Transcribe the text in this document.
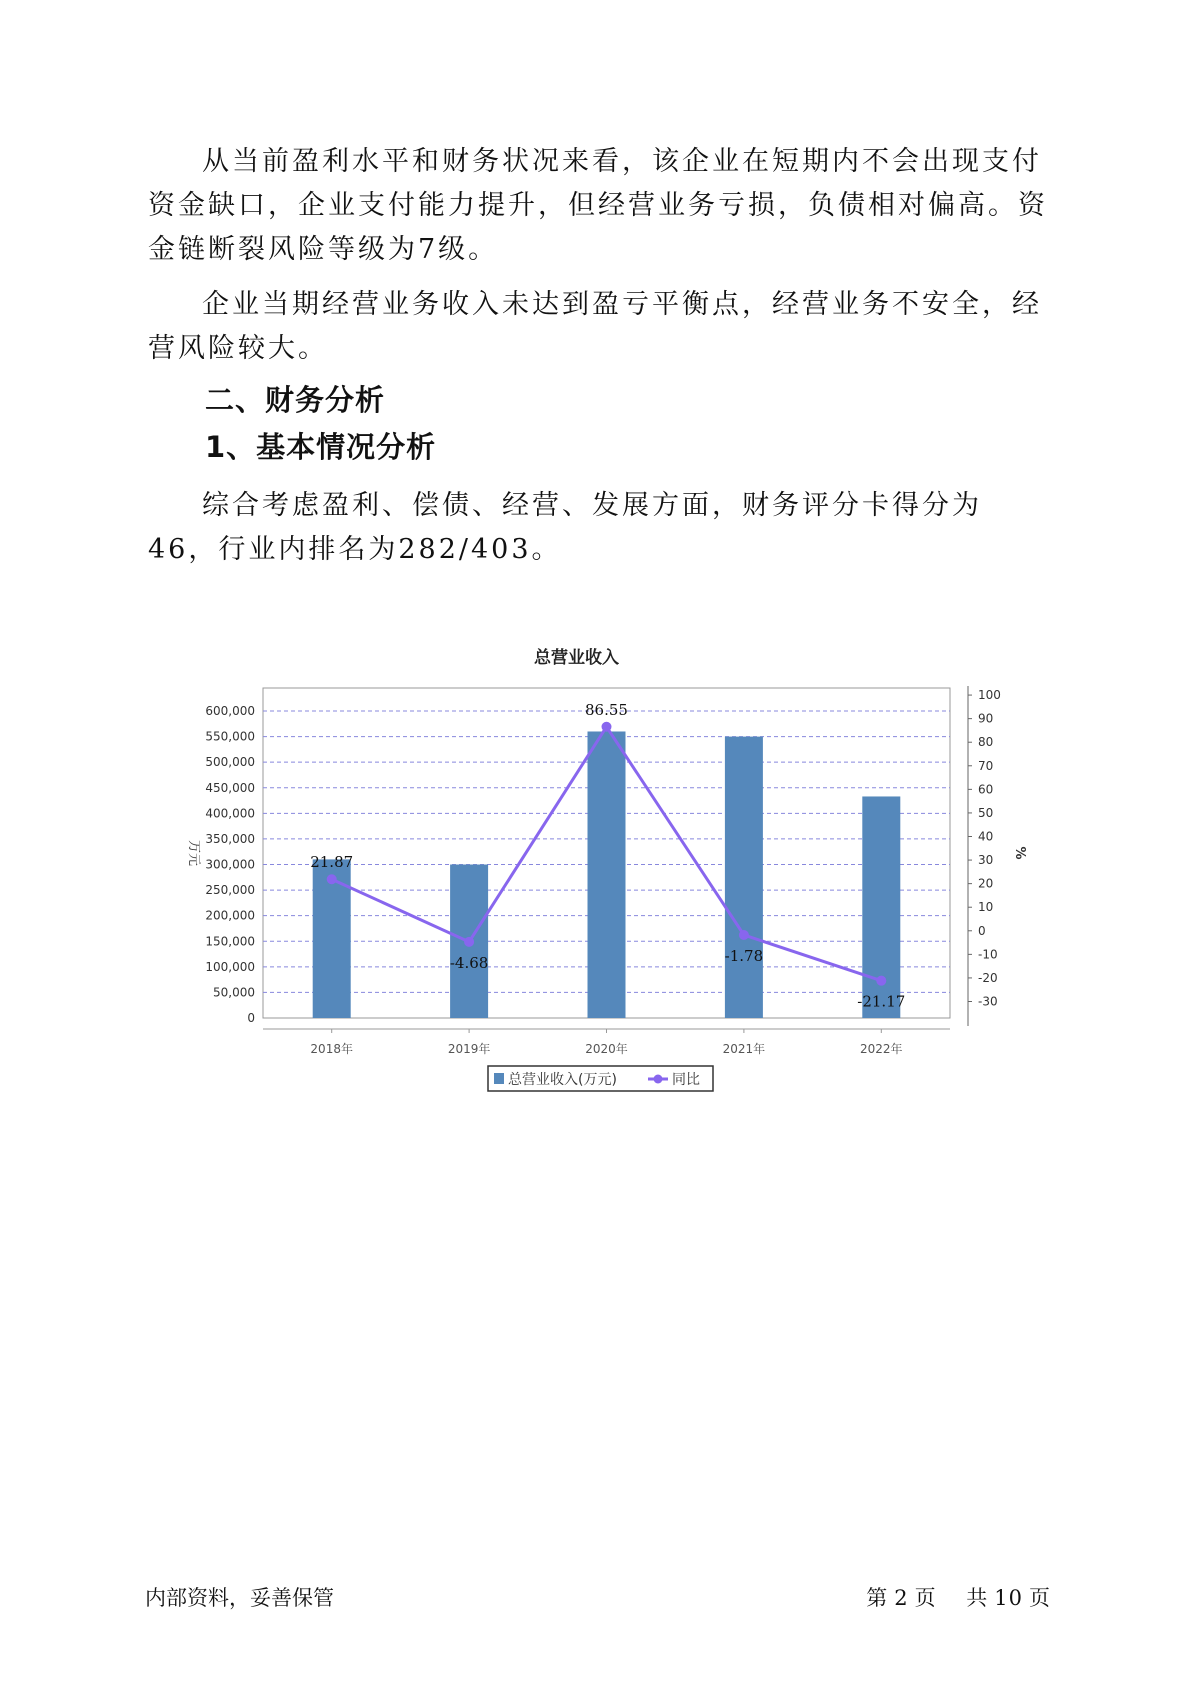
从当前盈利水平和财务状况来看，该企业在短期内不会出现支付资金缺口，企业支付能力提升，但经营业务亏损，负债相对偏高。资金链断裂风险等级为7级。

企业当期经营业务收入未达到盈亏平衡点，经营业务不安全，经营风险较大。

二、财务分析
1、基本情况分析

综合考虑盈利、偿债、经营、发展方面，财务评分卡得分为46，行业内排名为282/403。

总营业收入
0
50,000
100,000
150,000
200,000
250,000
300,000
350,000
400,000
450,000
500,000
550,000
600,000
-30
-20
-10
0
10
20
30
40
50
60
70
80
90
100
万元	%
2018年	2019年	2020年	2021年	2022年
21.87
-4.68
86.55
-1.78
-21.17
总营业收入(万元)	同比
内部资料，妥善保管	第 2 页 共 10 页
